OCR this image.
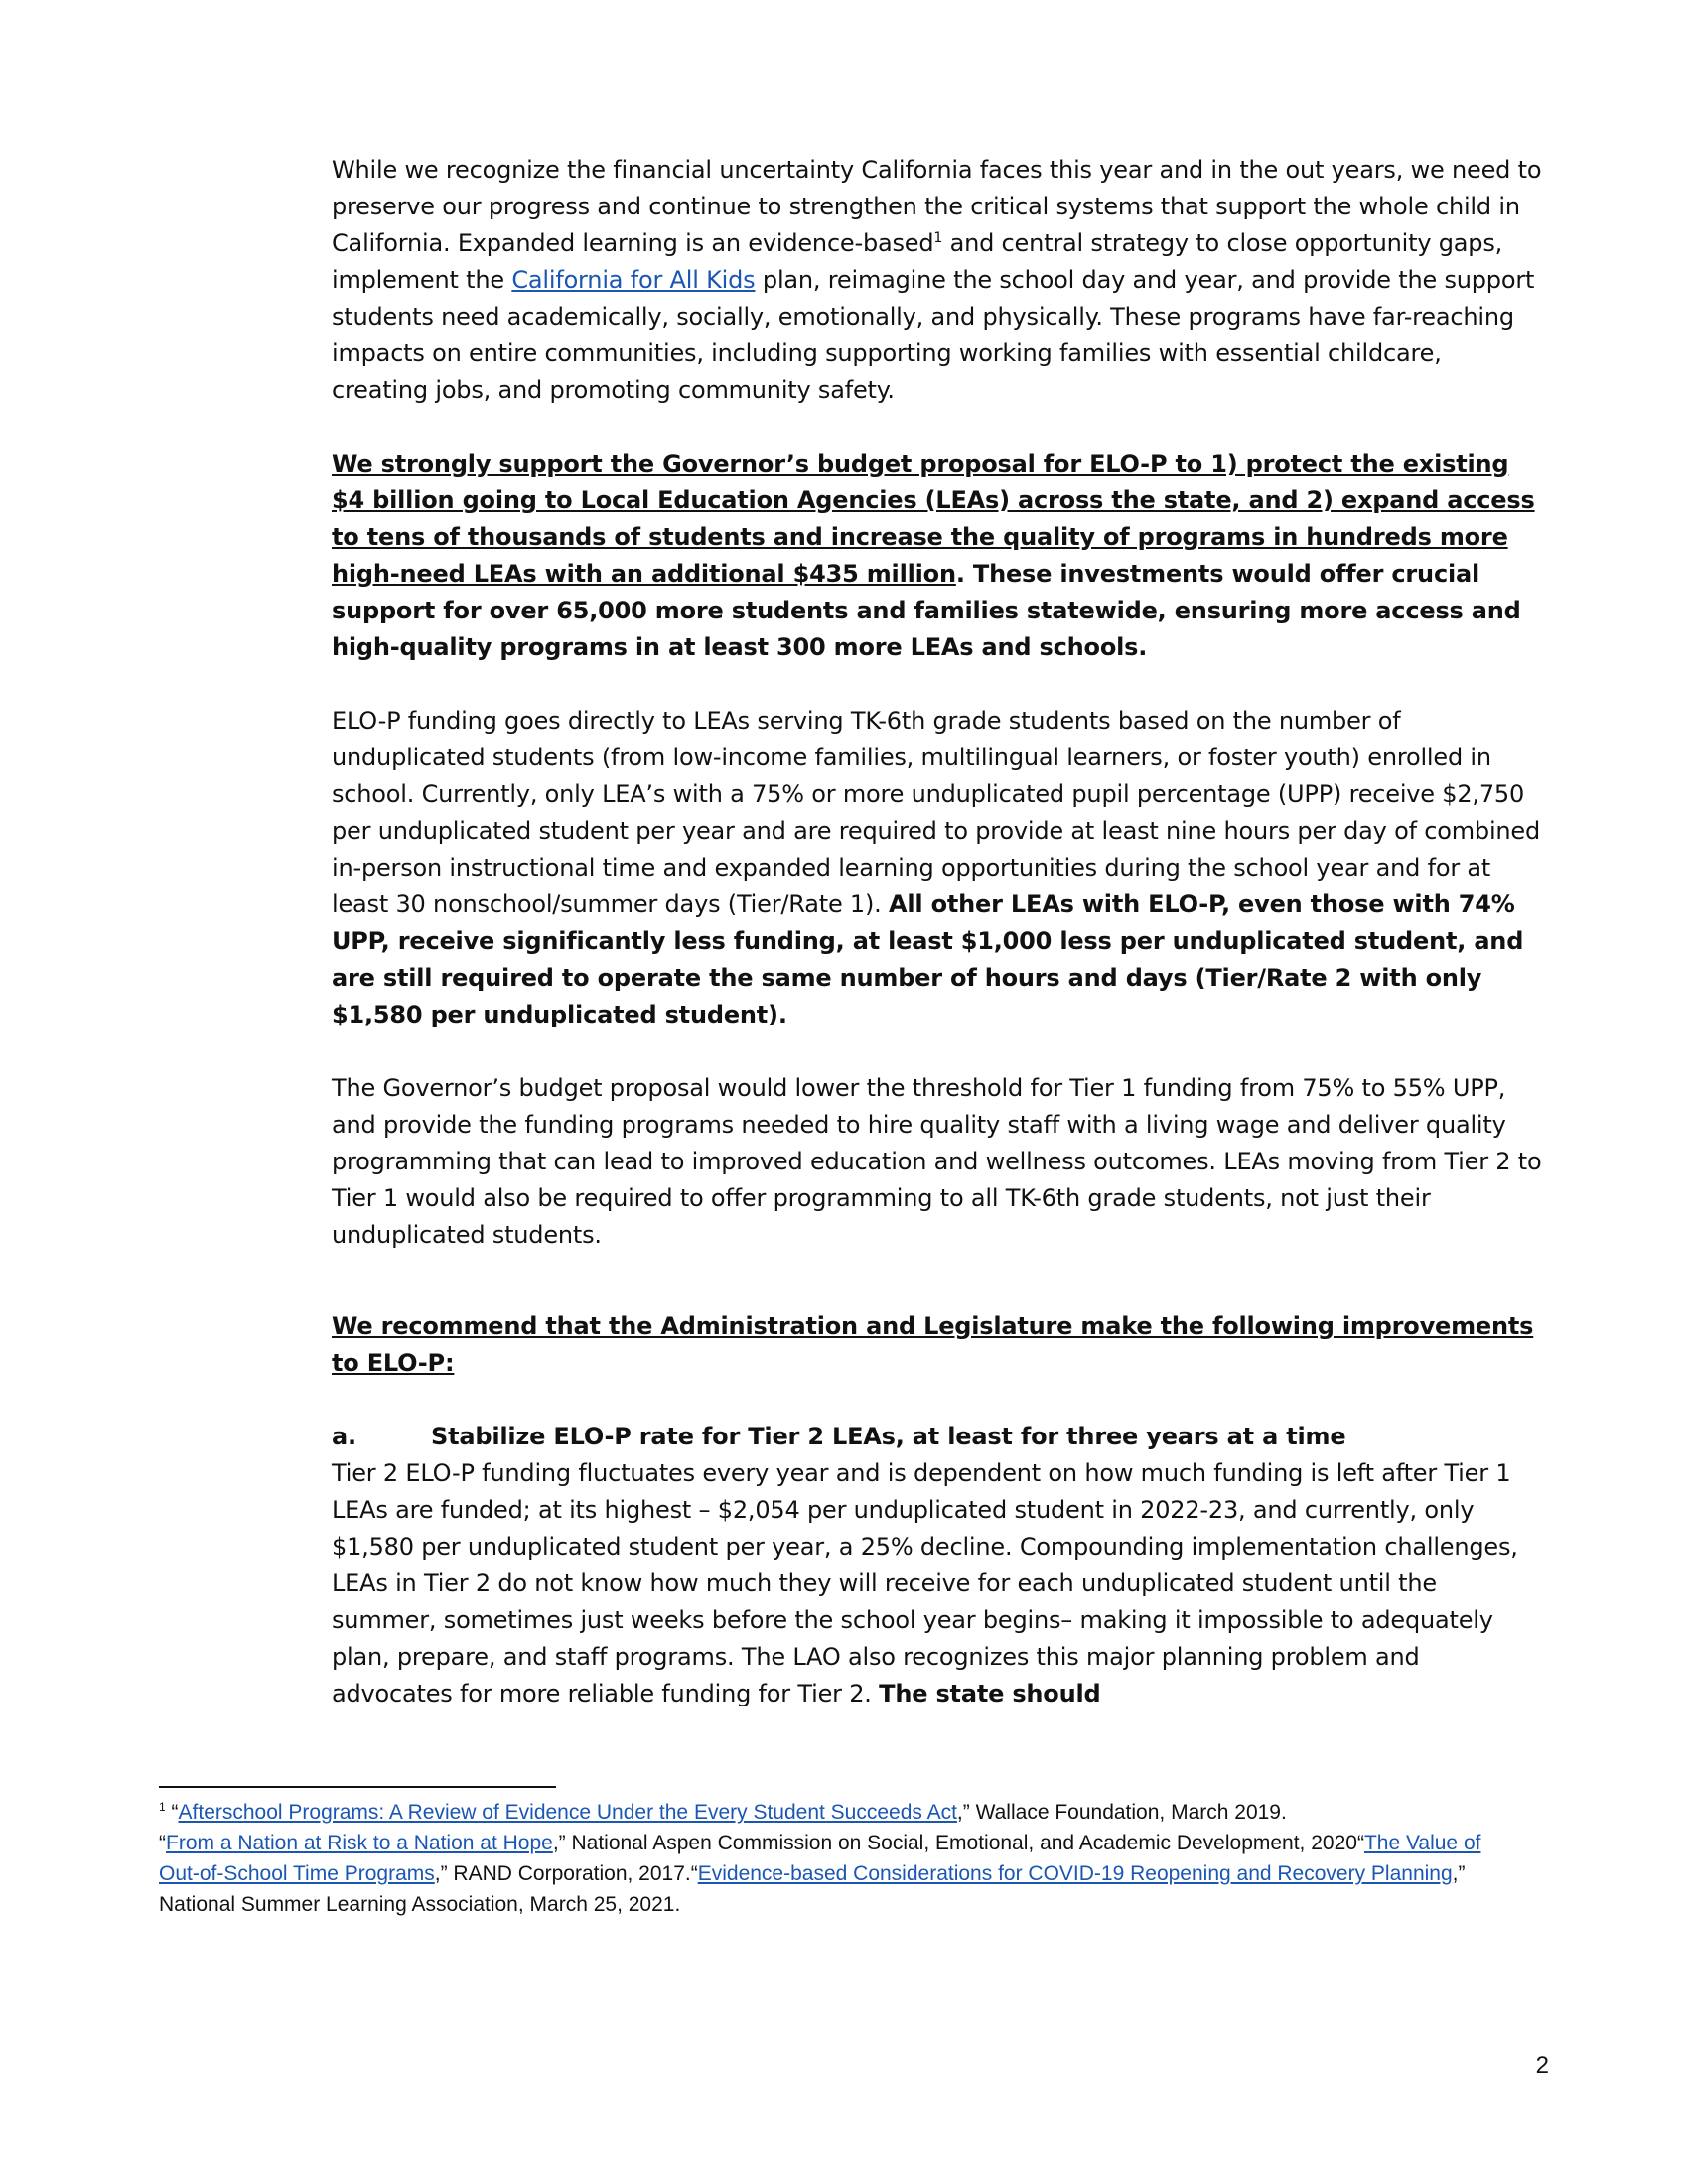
While we recognize the financial uncertainty California faces this year and in the out years, we need to preserve our progress and continue to strengthen the critical systems that support the whole child in California. Expanded learning is an evidence-based$^1$ and central strategy to close opportunity gaps, implement the California for All Kids plan, reimagine the school day and year, and provide the support students need academically, socially, emotionally, and physically. These programs have far-reaching impacts on entire communities, including supporting working families with essential childcare, creating jobs, and promoting community safety.

We strongly support the Governor’s budget proposal for ELO-P to 1) protect the existing $4 billion going to Local Education Agencies (LEAs) across the state, and 2) expand access to tens of thousands of students and increase the quality of programs in hundreds more high-need LEAs with an additional $435 million. These investments would offer crucial support for over 65,000 more students and families statewide, ensuring more access and high-quality programs in at least 300 more LEAs and schools.

ELO-P funding goes directly to LEAs serving TK-6th grade students based on the number of unduplicated students (from low-income families, multilingual learners, or foster youth) enrolled in school. Currently, only LEA’s with a 75% or more unduplicated pupil percentage (UPP) receive $2,750 per unduplicated student per year and are required to provide at least nine hours per day of combined in-person instructional time and expanded learning opportunities during the school year and for at least 30 nonschool/summer days (Tier/Rate 1). All other LEAs with ELO-P, even those with 74% UPP, receive significantly less funding, at least $1,000 less per unduplicated student, and are still required to operate the same number of hours and days (Tier/Rate 2 with only $1,580 per unduplicated student).

The Governor’s budget proposal would lower the threshold for Tier 1 funding from 75% to 55% UPP, and provide the funding programs needed to hire quality staff with a living wage and deliver quality programming that can lead to improved education and wellness outcomes. LEAs moving from Tier 2 to Tier 1 would also be required to offer programming to all TK-6th grade students, not just their unduplicated students.

We recommend that the Administration and Legislature make the following improvements to ELO-P:

a.	Stabilize ELO-P rate for Tier 2 LEAs, at least for three years at a time

Tier 2 ELO-P funding fluctuates every year and is dependent on how much funding is left after Tier 1 LEAs are funded; at its highest – $2,054 per unduplicated student in 2022-23, and currently, only $1,580 per unduplicated student per year, a 25% decline. Compounding implementation challenges, LEAs in Tier 2 do not know how much they will receive for each unduplicated student until the summer, sometimes just weeks before the school year begins– making it impossible to adequately plan, prepare, and staff programs. The LAO also recognizes this major planning problem and advocates for more reliable funding for Tier 2. The state should

$^1$ “Afterschool Programs: A Review of Evidence Under the Every Student Succeeds Act,” Wallace Foundation, March 2019.
“From a Nation at Risk to a Nation at Hope,” National Aspen Commission on Social, Emotional, and Academic Development, 2020“The Value of Out-of-School Time Programs,” RAND Corporation, 2017.“Evidence-based Considerations for COVID-19 Reopening and Recovery Planning,” National Summer Learning Association, March 25, 2021.
2
